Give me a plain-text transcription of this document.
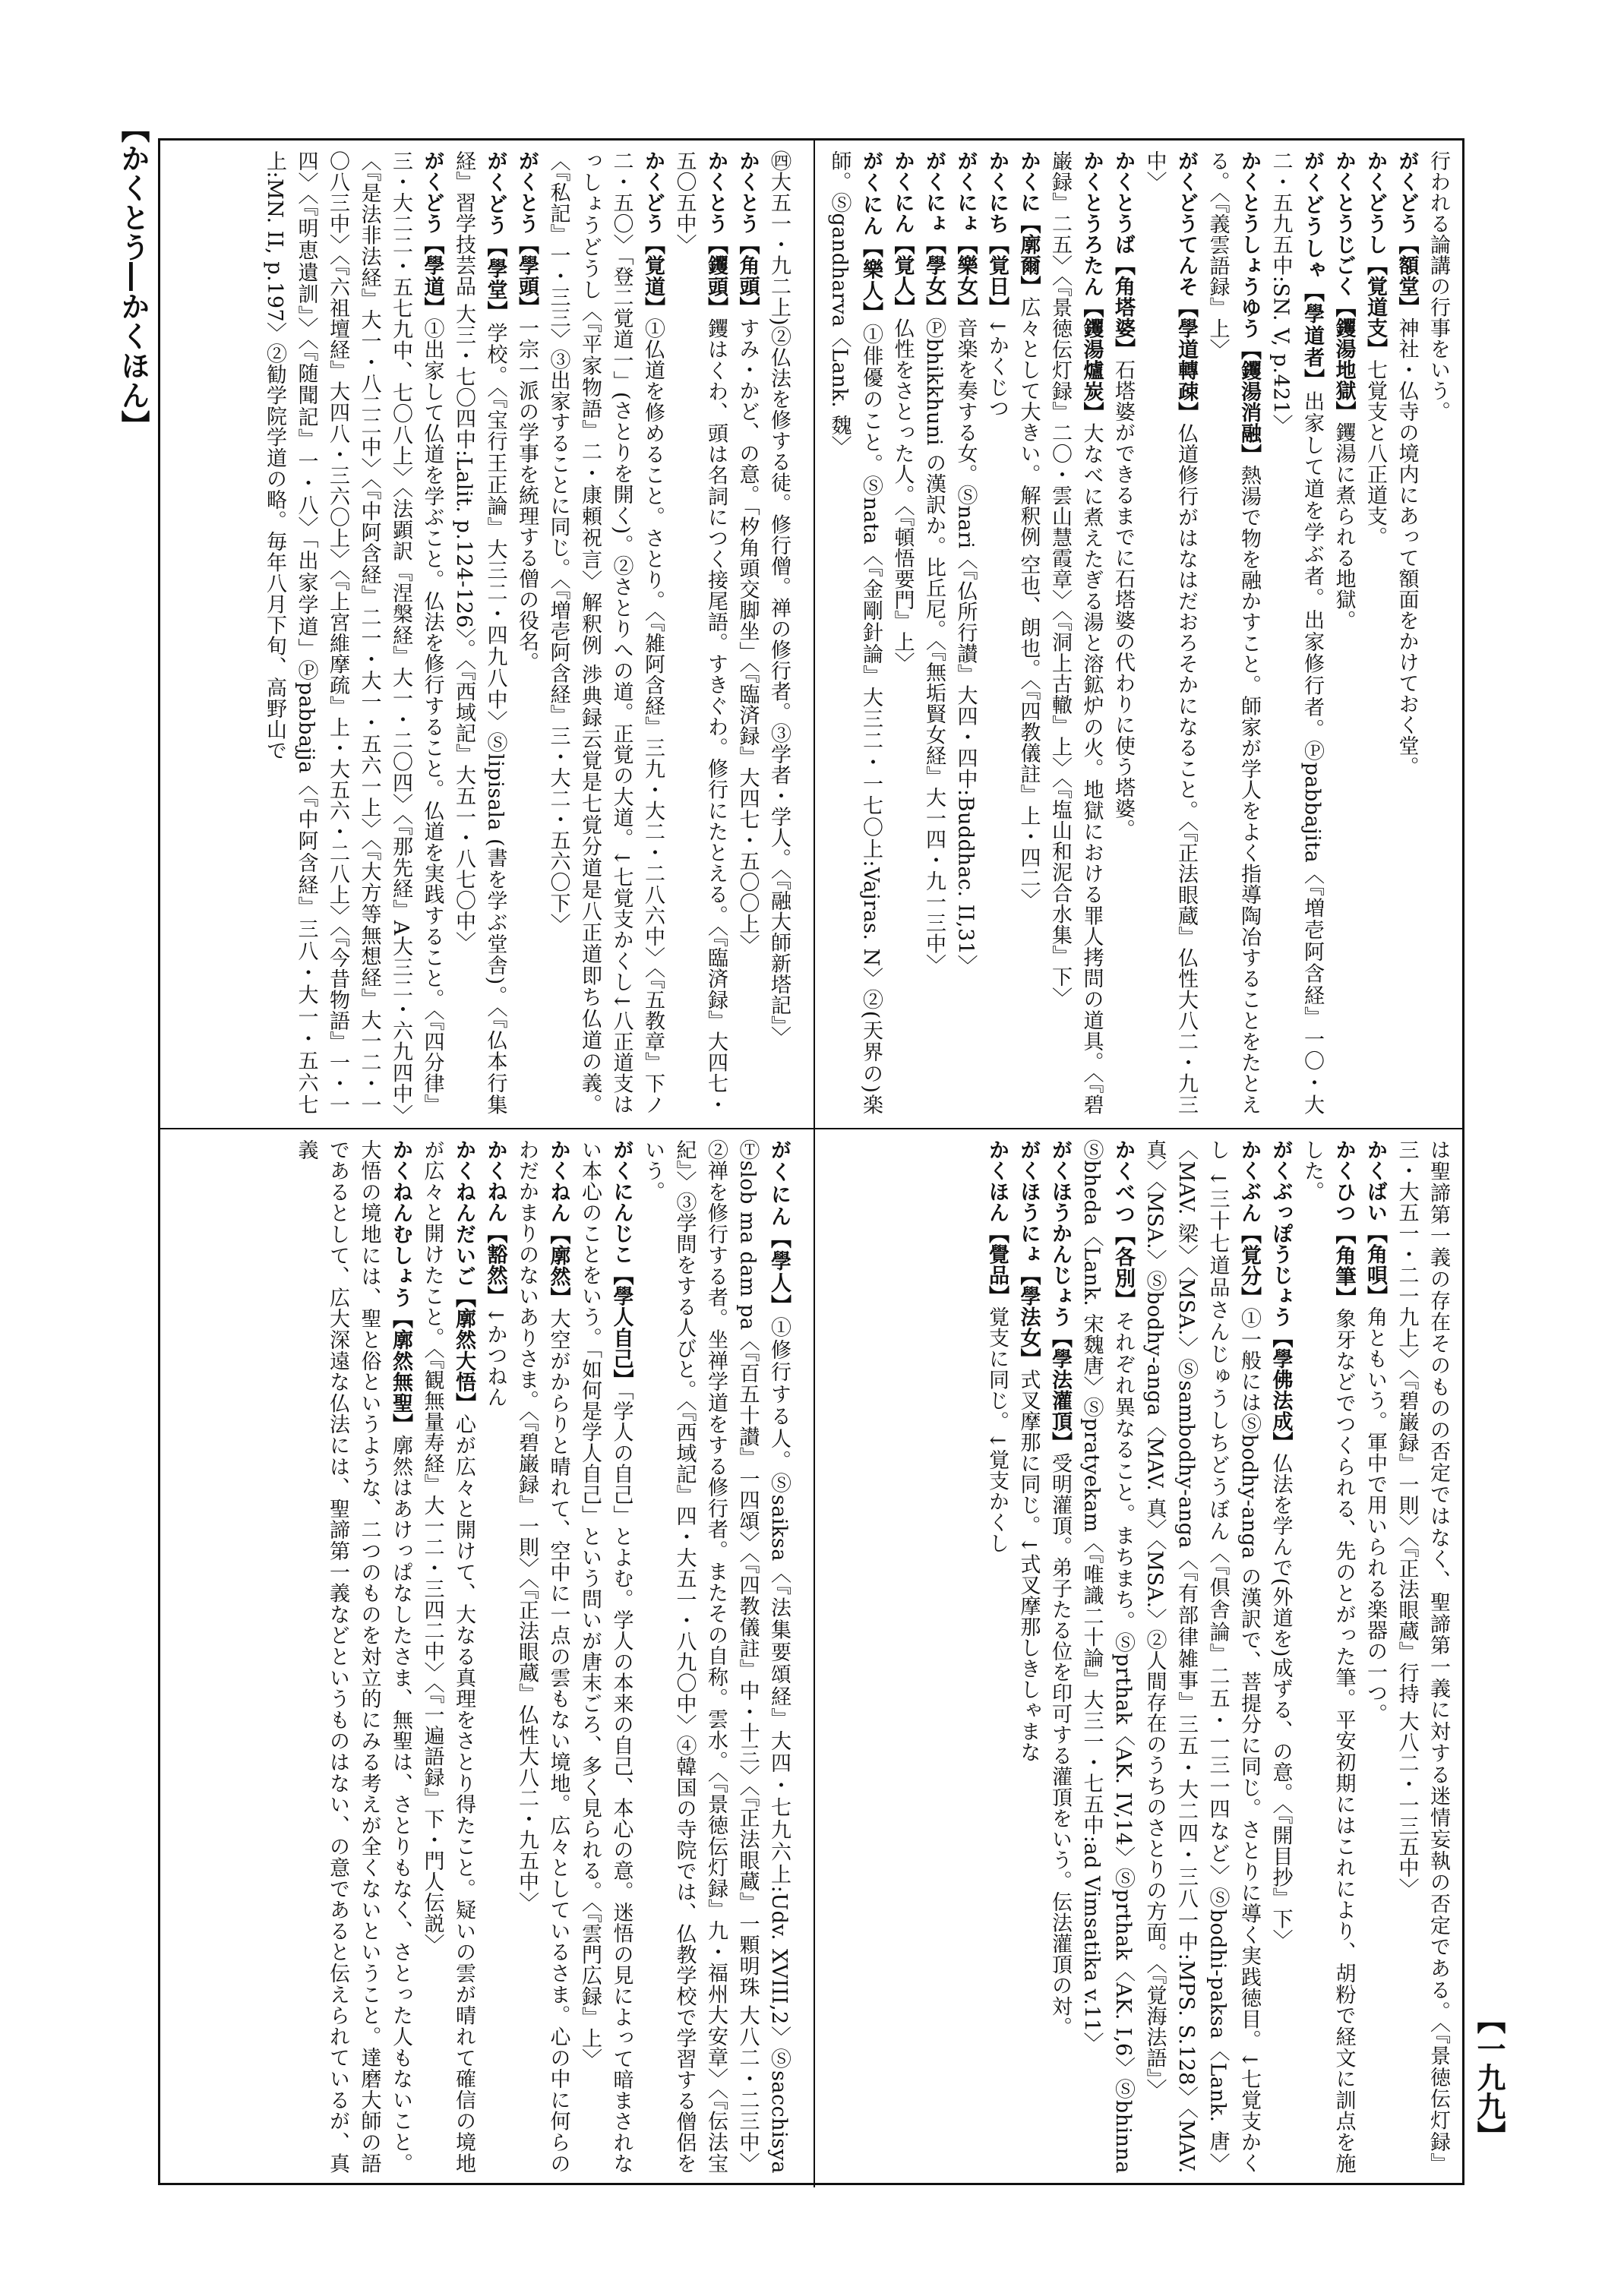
【かくとう―かくほん】
【一九九】
行われる論講の行事をいう。
がくどう【額堂】神社・仏寺の境内にあって額面をかけておく堂。
かくどうし【覚道支】七覚支と八正道支。
かくとうじごく【钁湯地獄】钁湯に煮られる地獄。
がくどうしゃ【學道者】出家して道を学ぶ者。出家修行者。Ⓟpabbajita〈『増壱阿含経』一〇・大二・五九五中:SN. V, p.421〉
かくとうしょうゆう【钁湯消融】熱湯で物を融かすこと。師家が学人をよく指導陶冶することをたとえる。〈『義雲語録』上〉
がくどうてんそ【學道轉疎】仏道修行がはなはだおろそかになること。〈『正法眼蔵』仏性大八二・九三中〉
かくとうば【角塔婆】石塔婆ができるまでに石塔婆の代わりに使う塔婆。
かくとうろたん【钁湯爐炭】大なべに煮えたぎる湯と溶鉱炉の火。地獄における罪人拷問の道具。〈『碧巌録』二五〉〈『景徳伝灯録』二〇・雲山慧霞章〉〈『洞上古轍』上〉〈『塩山和泥合水集』下〉
かくに【廓爾】広々として大きい。解釈例 空也、朗也。〈『四教儀註』上・四二〉
かくにち【覚日】↓かくじつ
がくにょ【樂女】音楽を奏する女。Ⓢnari〈『仏所行讃』大四・四中:Buddhac. II,31〉
がくにょ【學女】Ⓟbhikkhuni の漢訳か。比丘尼。〈『無垢賢女経』大一四・九一三中〉
かくにん【覚人】仏性をさとった人。〈『頓悟要門』上〉
がくにん【樂人】①俳優のこと。Ⓢnata〈『金剛針論』大三二・一七〇上:Vajras. N〉②(天界の)楽師。Ⓢgandharva〈Lank. 魏〉
㊃大五一・九二上)②仏法を修する徒。修行僧。禅の修行者。③学者・学人。〈『融大師新塔記』〉
かくとう【角頭】すみ・かど、の意。「𣏐角頭交脚坐」〈『臨済録』大四七・五〇〇上〉
かくとう【钁頭】钁はくわ、頭は名詞につく接尾語。すきぐわ。修行にたとえる。〈『臨済録』大四七・五〇五中〉
かくどう【覚道】①仏道を修めること。さとり。〈『雑阿含経』三九・大二・二八六中〉〈『五教章』下ノ二・五〇〉「登二覚道一」(さとりを開く)。②さとりへの道。正覚の大道。↓七覚支かくし↓八正道支はっしょうどうし〈『平家物語』二・康頼祝言〉解釈例 渉典録云覚是七覚分道是八正道即ち仏道の義。〈『私記』一・三三〉③出家することに同じ。〈『増壱阿含経』三・大二・五六〇下〉
がくとう【學頭】一宗一派の学事を統理する僧の役名。
がくどう【學堂】学校。〈『宝行王正論』大三二・四九八中〉Ⓢlipisala (書を学ぶ堂舎)。〈『仏本行集経』習学技芸品 大三・七〇四中:Lalit. p.124-126〉。〈『西域記』大五一・八七〇中〉
がくどう【學道】①出家して仏道を学ぶこと。仏法を修行すること。仏道を実践すること。〈『四分律』三・大二二・五七九中、七〇八上〉〈法顕訳『涅槃経』大一・二〇四〉〈『那先経』A大三二・六九四中〉〈『是法非法経』大一・八二二中〉〈『中阿含経』二一・大一・五六一上〉〈『大方等無想経』大一二・一〇八三中〉〈『六祖壇経』大四八・三六〇上〉〈『上宮維摩疏』上・大五六・二八上〉〈『今昔物語』一・一四〉〈『明恵遺訓』〉〈『随聞記』一・八〉「出家学道」Ⓟpabbajja〈『中阿含経』三八・大一・五六七上:MN. II, p.197〉②勧学院学道の略。毎年八月下旬、高野山で
は聖諦第一義の存在そのものの否定ではなく、聖諦第一義に対する迷情妄執の否定である。〈『景徳伝灯録』三・大五一・二一九上〉〈『碧巌録』一則〉〈『正法眼蔵』行持 大八二・一三五中〉
かくばい【角唄】角ともいう。軍中で用いられる楽器の一つ。
かくひつ【角筆】象牙などでつくられる、先のとがった筆。平安初期にはこれにより、胡粉で経文に訓点を施した。
がくぶっぽうじょう【學佛法成】仏法を学んで(外道を)成ずる、の意。〈『開目抄』下〉
かくぶん【覚分】①一般にはⓈbodhy-anga の漢訳で、菩提分に同じ。さとりに導く実践徳目。↓七覚支かくし ↓三十七道品さんじゅうしちどうぼん〈『倶舎論』二五・一三一四など〉Ⓢbodhi-paksa〈Lank. 唐〉〈MAV. 梁〉〈MSA.〉Ⓢsambodhy-anga〈『有部律雑事』三五・大二四・三八一中:MPS. S.128〉〈MAV. 真〉〈MSA.〉Ⓢbodhy-anga〈MAV. 真〉〈MSA.〉②人間存在のうちのさとりの方面。〈『覚海法語』〉
かくべつ【各別】それぞれ異なること。まちまち。Ⓢprthak〈AK. IV,14〉Ⓢprthak〈AK. I,6〉Ⓢbhinna Ⓢbheda〈Lank. 宋魏唐〉Ⓢpratyekam〈『唯識二十論』大三一・七五中:ad Vimsatika v.11〉
がくほうかんじょう【學法灌頂】受明灌頂。弟子たる位を印可する灌頂をいう。伝法灌頂の対。
がくほうにょ【學法女】式叉摩那に同じ。↓式叉摩那しきしゃまな
かくほん【覺品】覚支に同じ。↓覚支かくし
がくにん【學人】①修行する人。Ⓢsaiksa〈『法集要頌経』大四・七九六上:Udv. XVIII,2〉Ⓢsacchisya Ⓣslob ma dam pa〈『百五十讃』一四頌〉〈『四教儀註』中・十三〉〈『正法眼蔵』一顆明珠 大八二・二三中〉②禅を修行する者。坐禅学道をする修行者。またその自称。雲水。〈『景徳伝灯録』九・福州大安章〉〈『伝法宝紀』〉③学問をする人びと。〈『西域記』四・大五一・八九〇中〉④韓国の寺院では、仏教学校で学習する僧侶をいう。
がくにんじこ【學人自己】「学人の自己」とよむ。学人の本来の自己、本心の意。迷悟の見によって暗まされない本心のことをいう。「如何是学人自己」という問いが唐末ごろ、多く見られる。〈『雲門広録』上〉
かくねん【廓然】大空がからりと晴れて、空中に一点の雲もない境地。広々としているさま。心の中に何らのわだかまりのないありさま。〈『碧巌録』一則〉〈『正法眼蔵』仏性大八二・九五中〉
かくねん【豁然】↓かつねん
かくねんだいご【廓然大悟】心が広々と開けて、大なる真理をさとり得たこと。疑いの雲が晴れて確信の境地が広々と開けたこと。〈『観無量寿経』大一二・三四二中〉〈『一遍語録』下・門人伝説〉
かくねんむしょう【廓然無聖】廓然はあけっぱなしたさま、無聖は、さとりもなく、さとった人もないこと。大悟の境地には、聖と俗というような、二つのものを対立的にみる考えが全くないということ。達磨大師の語であるとして、広大深遠な仏法には、聖諦第一義などというものはない、の意であると伝えられているが、真義
